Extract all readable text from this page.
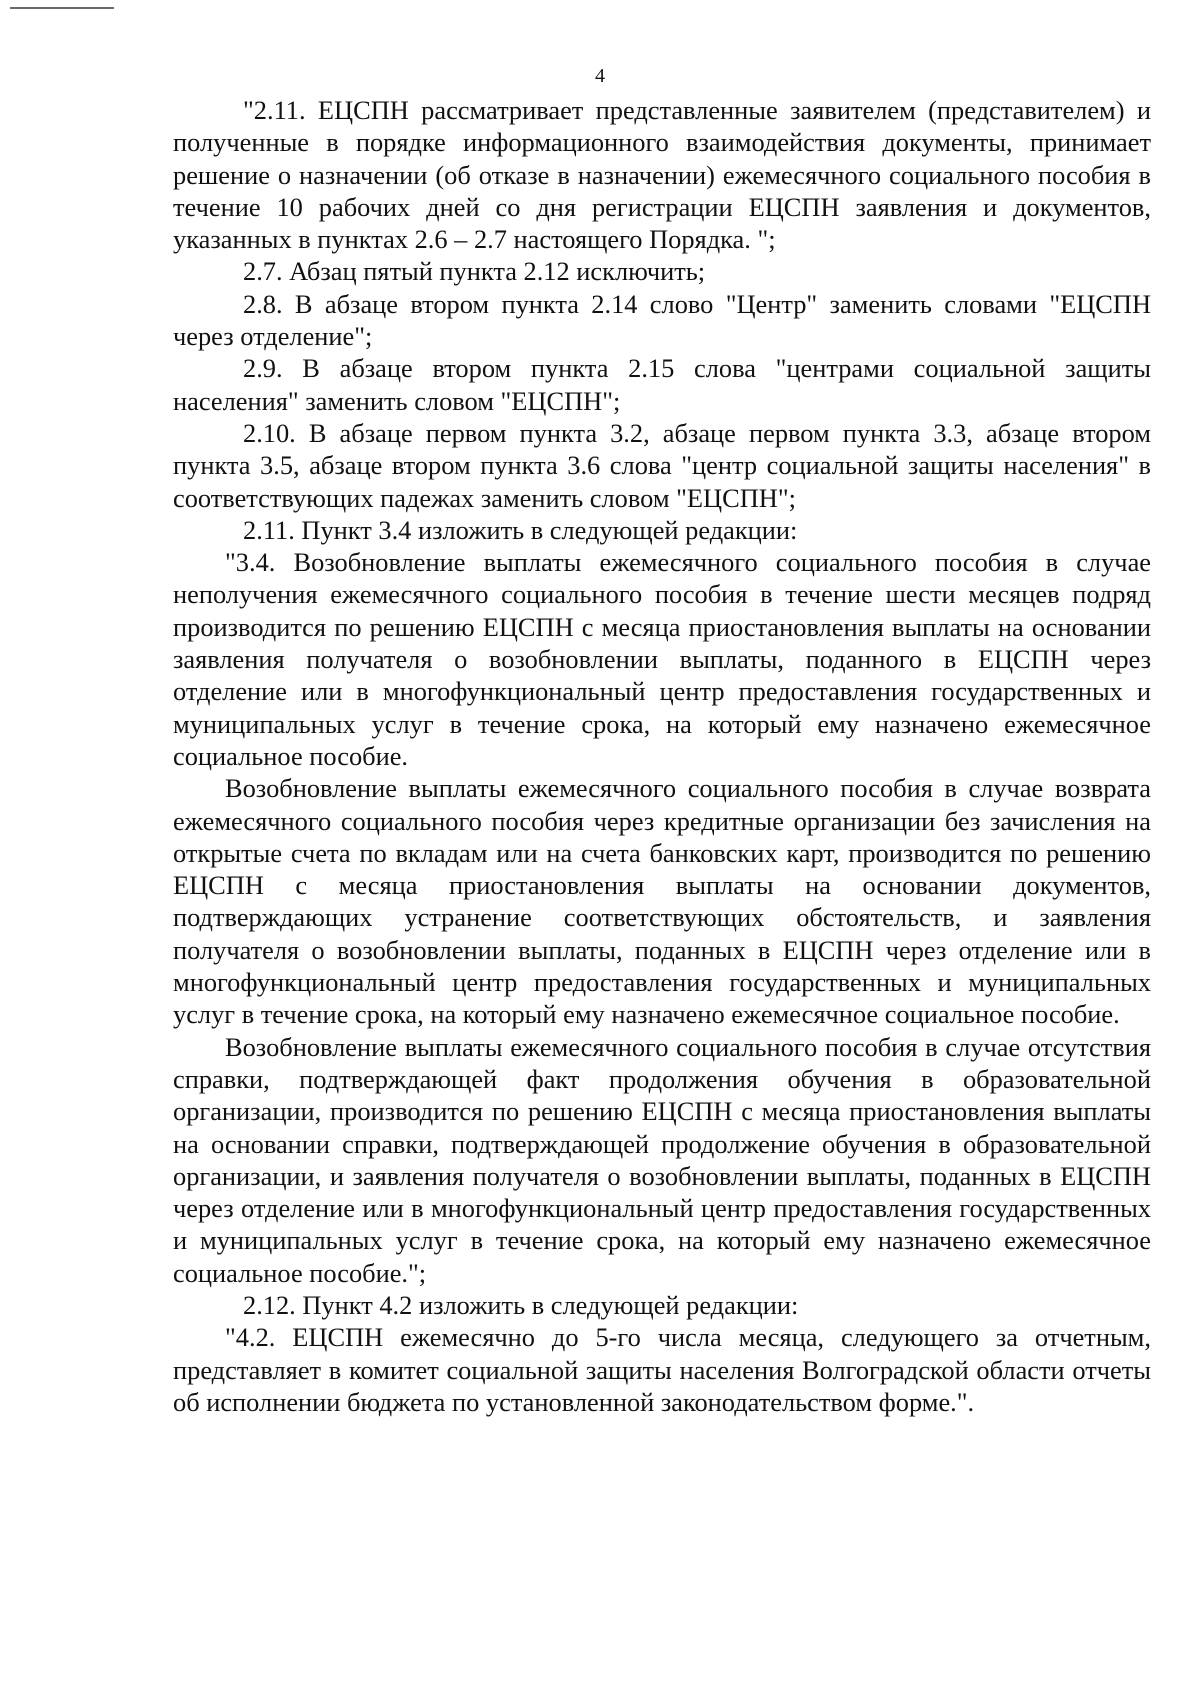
4

"2.11. ЕЦСПН рассматривает представленные заявителем (представителем) и полученные в порядке информационного взаимодействия документы, принимает решение о назначении (об отказе в назначении) ежемесячного социального пособия в течение 10 рабочих дней со дня регистрации ЕЦСПН заявления и документов, указанных в пунктах 2.6 – 2.7 настоящего Порядка. ";

2.7. Абзац пятый пункта 2.12 исключить;

2.8. В абзаце втором пункта 2.14 слово "Центр" заменить словами "ЕЦСПН через отделение";

2.9. В абзаце втором пункта 2.15 слова "центрами социальной защиты населения" заменить словом "ЕЦСПН";

2.10. В абзаце первом пункта 3.2, абзаце первом пункта 3.3, абзаце втором пункта 3.5, абзаце втором пункта 3.6 слова "центр социальной защиты населения" в соответствующих падежах заменить словом "ЕЦСПН";

2.11. Пункт 3.4 изложить в следующей редакции:

"3.4. Возобновление выплаты ежемесячного социального пособия в случае неполучения ежемесячного социального пособия в течение шести месяцев подряд производится по решению ЕЦСПН с месяца приостановления выплаты на основании заявления получателя о возобновлении выплаты, поданного в ЕЦСПН через отделение или в многофункциональный центр предоставления государственных и муниципальных услуг в течение срока, на который ему назначено ежемесячное социальное пособие.

Возобновление выплаты ежемесячного социального пособия в случае возврата ежемесячного социального пособия через кредитные организации без зачисления на открытые счета по вкладам или на счета банковских карт, производится по решению ЕЦСПН с месяца приостановления выплаты на основании документов, подтверждающих устранение соответствующих обстоятельств, и заявления получателя о возобновлении выплаты, поданных в ЕЦСПН через отделение или в многофункциональный центр предоставления государственных и муниципальных услуг в течение срока, на который ему назначено ежемесячное социальное пособие.

Возобновление выплаты ежемесячного социального пособия в случае отсутствия справки, подтверждающей факт продолжения обучения в образовательной организации, производится по решению ЕЦСПН с месяца приостановления выплаты на основании справки, подтверждающей продолжение обучения в образовательной организации, и заявления получателя о возобновлении выплаты, поданных в ЕЦСПН через отделение или в многофункциональный центр предоставления государственных и муниципальных услуг в течение срока, на который ему назначено ежемесячное социальное пособие.";

2.12. Пункт 4.2 изложить в следующей редакции:

"4.2. ЕЦСПН ежемесячно до 5-го числа месяца, следующего за отчетным, представляет в комитет социальной защиты населения Волгоградской области отчеты об исполнении бюджета по установленной законодательством форме.".
